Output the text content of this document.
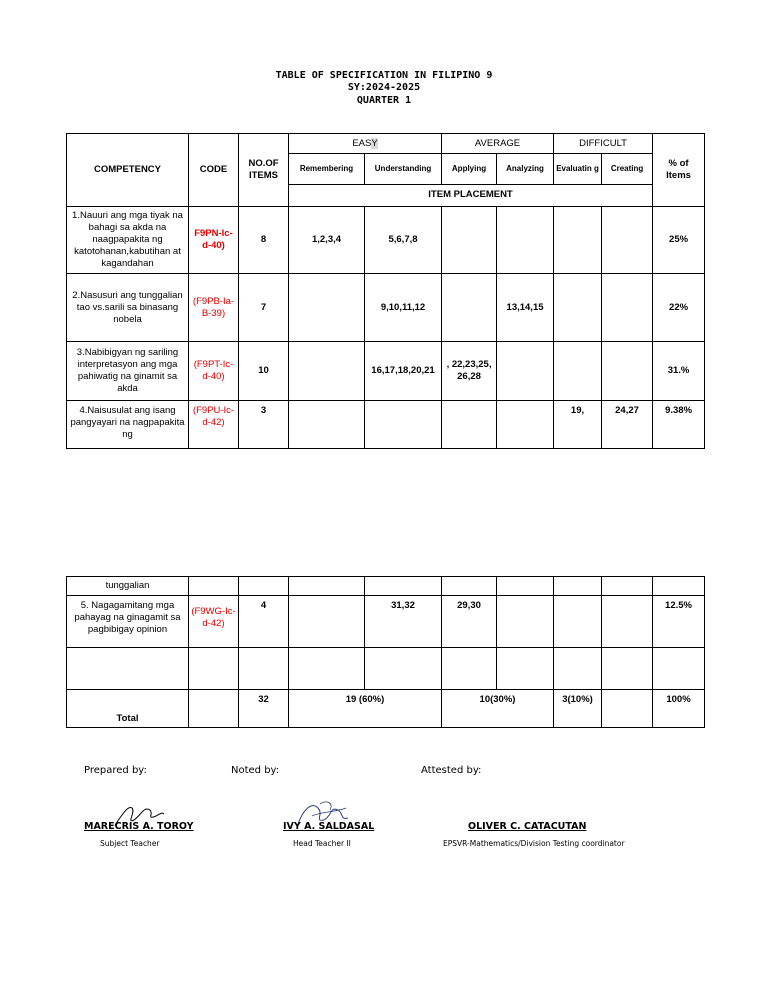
TABLE OF SPECIFICATION IN FILIPINO 9
SY:2024-2025
QUARTER 1
COMPETENCY	CODE	NO.OF ITEMS	EASY		AVERAGE		DIFFICULT		% of Items
			Remembering	Understanding	Applying	Analyzing	Evaluatin g	Creating	
			ITEM PLACEMENT						
1.Nauuri ang mga tiyak na bahagi sa akda na naagpapakita ng katotohanan,kabutihan at kagandahan	F9PN-Ic-d-40)	8	1,2,3,4	5,6,7,8					25%
2.Nasusuri ang tunggalian tao vs.sarili sa binasang nobela	(F9PB-Ia-B-39)	7		9,10,11,12		13,14,15			22%
3.Nabibigyan ng sariling interpretasyon ang mga pahiwatig na ginamit sa akda	(F9PT-Ic-d-40)	10		16,17,18,20,21	, 22,23,25, 26,28				31.%
4.Naisusulat ang isang pangyayari na nagpapakita ng	(F9PU-Ic-d-42)	3					19,	24,27	9.38%
tunggalian									
5. Nagagamitang mga pahayag na ginagamit sa pagbibigay opinion	(F9WG-Ic-d-42)	4		31,32	29,30				12.5%

Total		32	19 (60%)		10(30%)		3(10%)		100%
Prepared by:	Noted by:	Attested by:
MARECRIS A. TOROY
Subject Teacher
IVY A. SALDASAL
Head Teacher II
OLIVER C. CATACUTAN
EPSVR-Mathematics/Division Testing coordinator
